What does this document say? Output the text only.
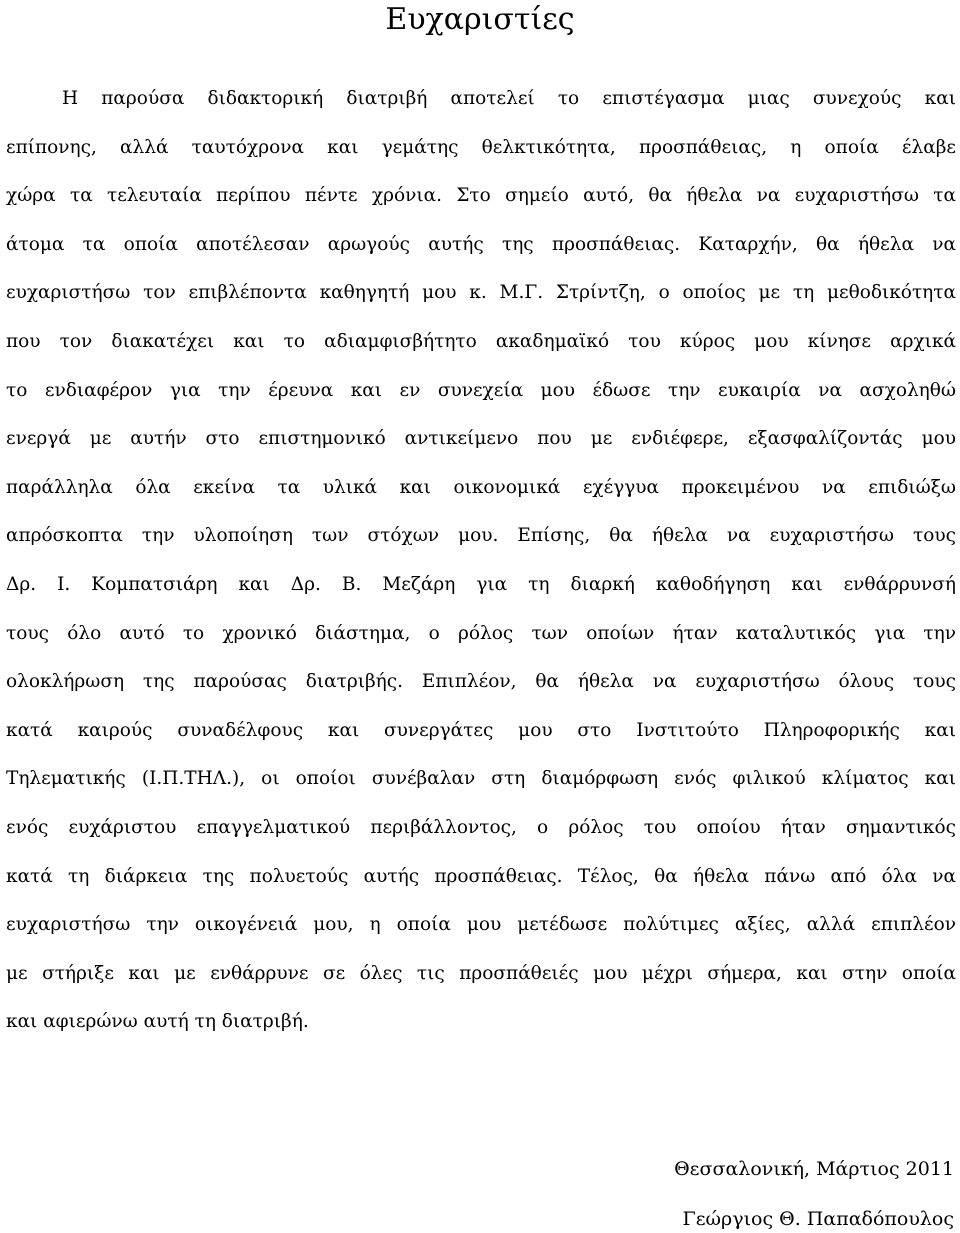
Ευχαριστίες
Η παρούσα διδακτορική διατριβή αποτελεί το επιστέγασμα μιας συνεχούς και
επίπονης, αλλά ταυτόχρονα και γεμάτης θελκτικότητα, προσπάθειας, η οποία έλαβε
χώρα τα τελευταία περίπου πέντε χρόνια. Στο σημείο αυτό, θα ήθελα να ευχαριστήσω τα
άτομα τα οποία αποτέλεσαν αρωγούς αυτής της προσπάθειας. Καταρχήν, θα ήθελα να
ευχαριστήσω τον επιβλέποντα καθηγητή μου κ. Μ.Γ. Στρίντζη, ο οποίος με τη μεθοδικότητα
που τον διακατέχει και το αδιαμφισβήτητο ακαδημαϊκό του κύρος μου κίνησε αρχικά
το ενδιαφέρον για την έρευνα και εν συνεχεία μου έδωσε την ευκαιρία να ασχοληθώ
ενεργά με αυτήν στο επιστημονικό αντικείμενο που με ενδιέφερε, εξασφαλίζοντάς μου
παράλληλα όλα εκείνα τα υλικά και οικονομικά εχέγγυα προκειμένου να επιδιώξω
απρόσκοπτα την υλοποίηση των στόχων μου. Επίσης, θα ήθελα να ευχαριστήσω τους
Δρ. Ι. Κομπατσιάρη και Δρ. Β. Μεζάρη για τη διαρκή καθοδήγηση και ενθάρρυνσή
τους όλο αυτό το χρονικό διάστημα, ο ρόλος των οποίων ήταν καταλυτικός για την
ολοκλήρωση της παρούσας διατριβής. Επιπλέον, θα ήθελα να ευχαριστήσω όλους τους
κατά καιρούς συναδέλφους και συνεργάτες μου στο Ινστιτούτο Πληροφορικής και
Τηλεματικής (Ι.Π.ΤΗΛ.), οι οποίοι συνέβαλαν στη διαμόρφωση ενός φιλικού κλίματος και
ενός ευχάριστου επαγγελματικού περιβάλλοντος, ο ρόλος του οποίου ήταν σημαντικός
κατά τη διάρκεια της πολυετούς αυτής προσπάθειας. Τέλος, θα ήθελα πάνω από όλα να
ευχαριστήσω την οικογένειά μου, η οποία μου μετέδωσε πολύτιμες αξίες, αλλά επιπλέον
με στήριξε και με ενθάρρυνε σε όλες τις προσπάθειές μου μέχρι σήμερα, και στην οποία
και αφιερώνω αυτή τη διατριβή.
Θεσσαλονική, Μάρτιος 2011
Γεώργιος Θ. Παπαδόπουλος
